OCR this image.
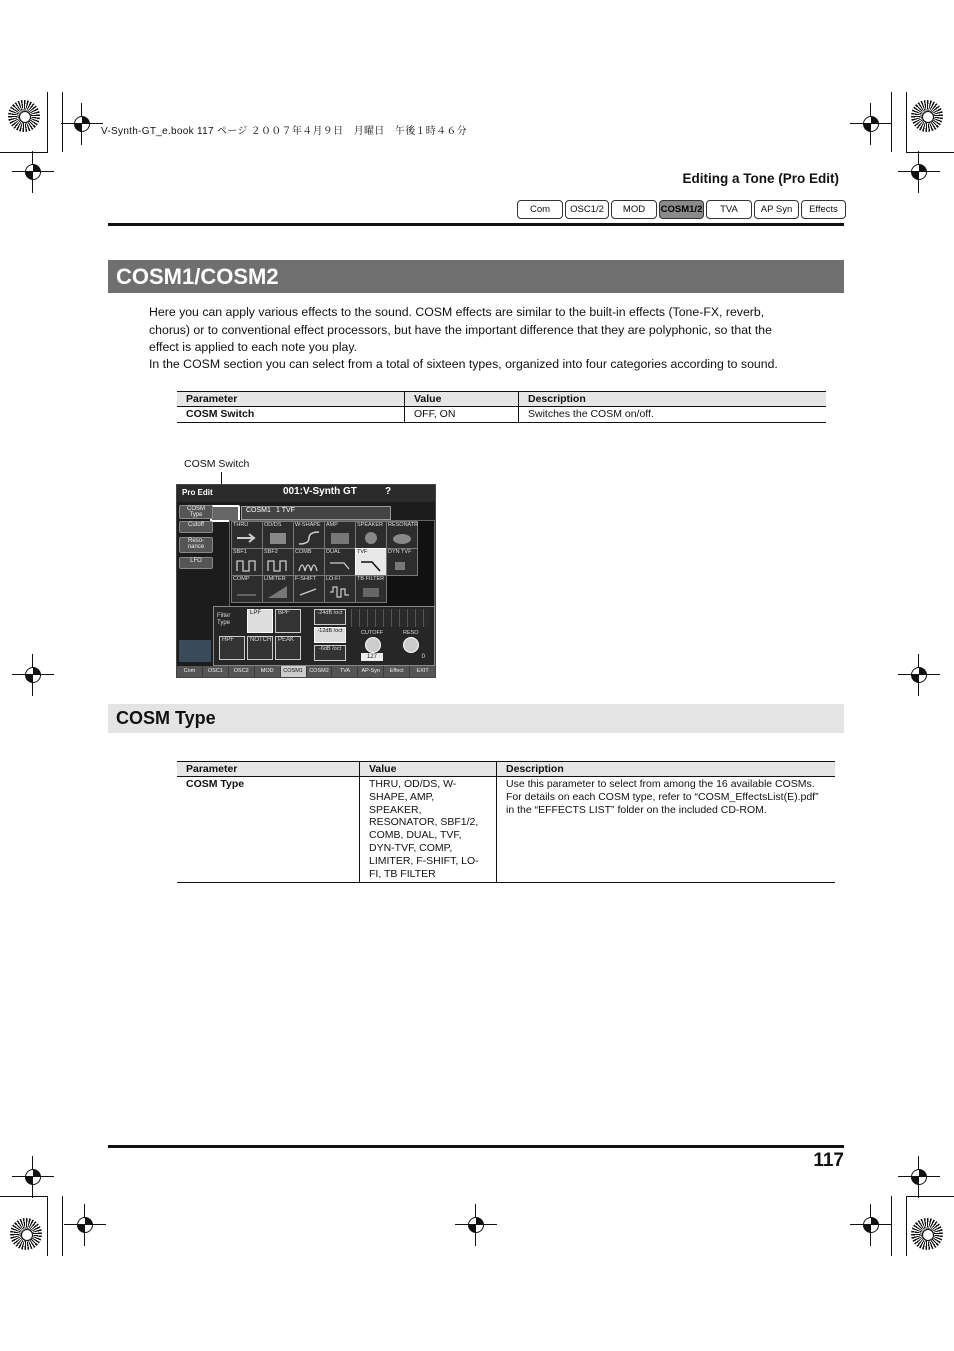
V-Synth-GT_e.book 117 ページ ２００７年４月９日　月曜日　午後１時４６分
Editing a Tone (Pro Edit)
Com	OSC1/2	MOD	COSM1/2	TVA	AP Syn	Effects
COSM1/COSM2
Here you can apply various effects to the sound. COSM effects are similar to the built-in effects (Tone-FX, reverb, chorus) or to conventional effect processors, but have the important difference that they are polyphonic, so that the effect is applied to each note you play.
In the COSM section you can select from a total of sixteen types, organized into four categories according to sound.
Parameter	Value	Description
COSM Switch	OFF, ON	Switches the COSM on/off.
COSM Switch
Pro Edit	001:V-Synth GT	?
COSM1 1 TVF
COSM Type
Cutoff
Reso-nance
LFO
THRU	OD/DS W-SHAPE AMP	SPEAKER RESONATR
SBF1	SBF2	COMB	DUAL	TVF	DYN TVF
COMP	LIMITER F-SHIFT LO-FI	TB FILTER
Filter Type
LPF	BPF
HPF	NOTCH PEAK
-24dB /oct
-12dB /oct
-6dB /oct
CUTOFF
127
RESO
0
Com	OSC1	OSC2	MOD	COSM1	COSM2	TVA	AP-Syn	Effect	EXIT
COSM Type
Parameter	Value	Description
COSM Type	THRU, OD/DS, W-SHAPE, AMP, SPEAKER, RESONATOR, SBF1/2, COMB, DUAL, TVF, DYN-TVF, COMP, LIMITER, F-SHIFT, LO-FI, TB FILTER	Use this parameter to select from among the 16 available COSMs. For details on each COSM type, refer to “COSM_EffectsList(E).pdf” in the “EFFECTS LIST” folder on the included CD-ROM.
117
